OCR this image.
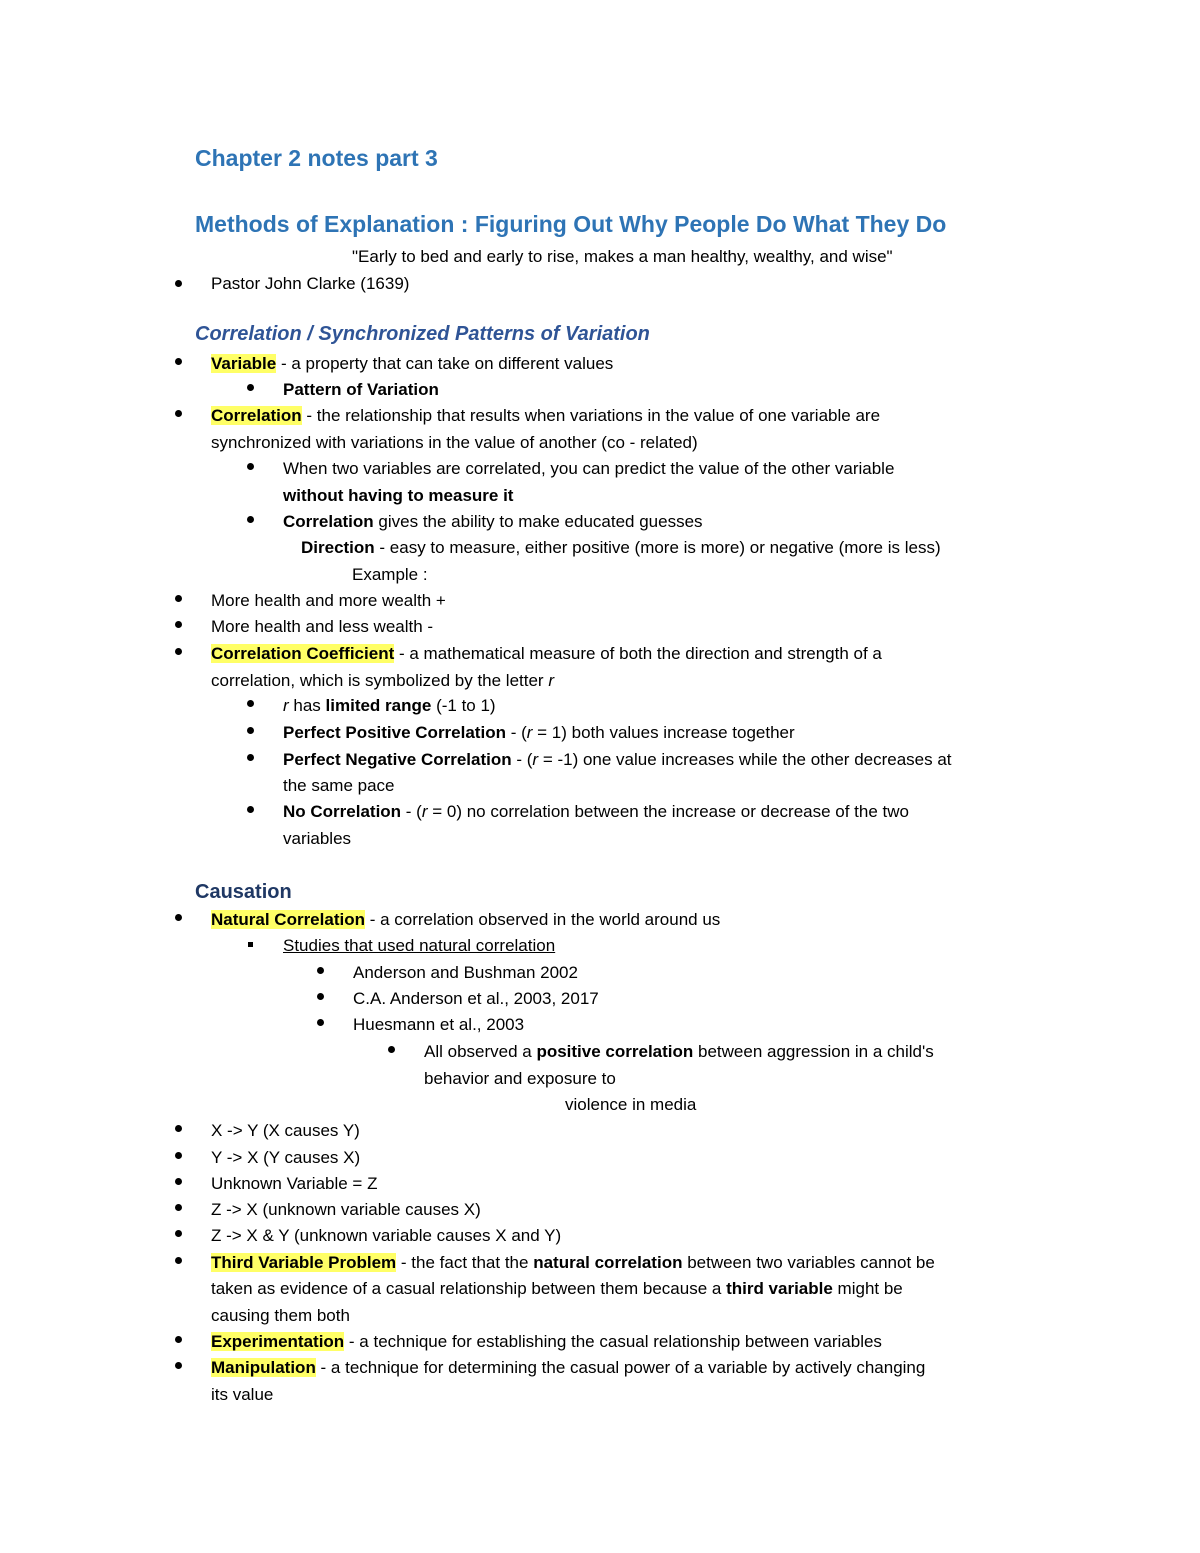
Chapter 2 notes part 3
Methods of Explanation : Figuring Out Why People Do What They Do
"Early to bed and early to rise, makes a man healthy, wealthy, and wise"
Pastor John Clarke (1639)
Correlation / Synchronized Patterns of Variation
Variable - a property that can take on different values
Pattern of Variation
Correlation - the relationship that results when variations in the value of one variable are
synchronized with variations in the value of another (co - related)
When two variables are correlated, you can predict the value of the other variable
without having to measure it
Correlation gives the ability to make educated guesses
Direction - easy to measure, either positive (more is more) or negative (more is less)
Example :
More health and more wealth +
More health and less wealth -
Correlation Coefficient - a mathematical measure of both the direction and strength of a
correlation, which is symbolized by the letter r
r has limited range (-1 to 1)
Perfect Positive Correlation - (r = 1) both values increase together
Perfect Negative Correlation - (r = -1) one value increases while the other decreases at
the same pace
No Correlation - (r = 0) no correlation between the increase or decrease of the two
variables
Causation
Natural Correlation - a correlation observed in the world around us
Studies that used natural correlation
Anderson and Bushman 2002
C.A. Anderson et al., 2003, 2017
Huesmann et al., 2003
All observed a positive correlation between aggression in a child's
behavior and exposure to
violence in media
X -> Y (X causes Y)
Y -> X (Y causes X)
Unknown Variable = Z
Z -> X (unknown variable causes X)
Z -> X & Y (unknown variable causes X and Y)
Third Variable Problem - the fact that the natural correlation between two variables cannot be
taken as evidence of a casual relationship between them because a third variable might be
causing them both
Experimentation - a technique for establishing the casual relationship between variables
Manipulation - a technique for determining the casual power of a variable by actively changing
its value
